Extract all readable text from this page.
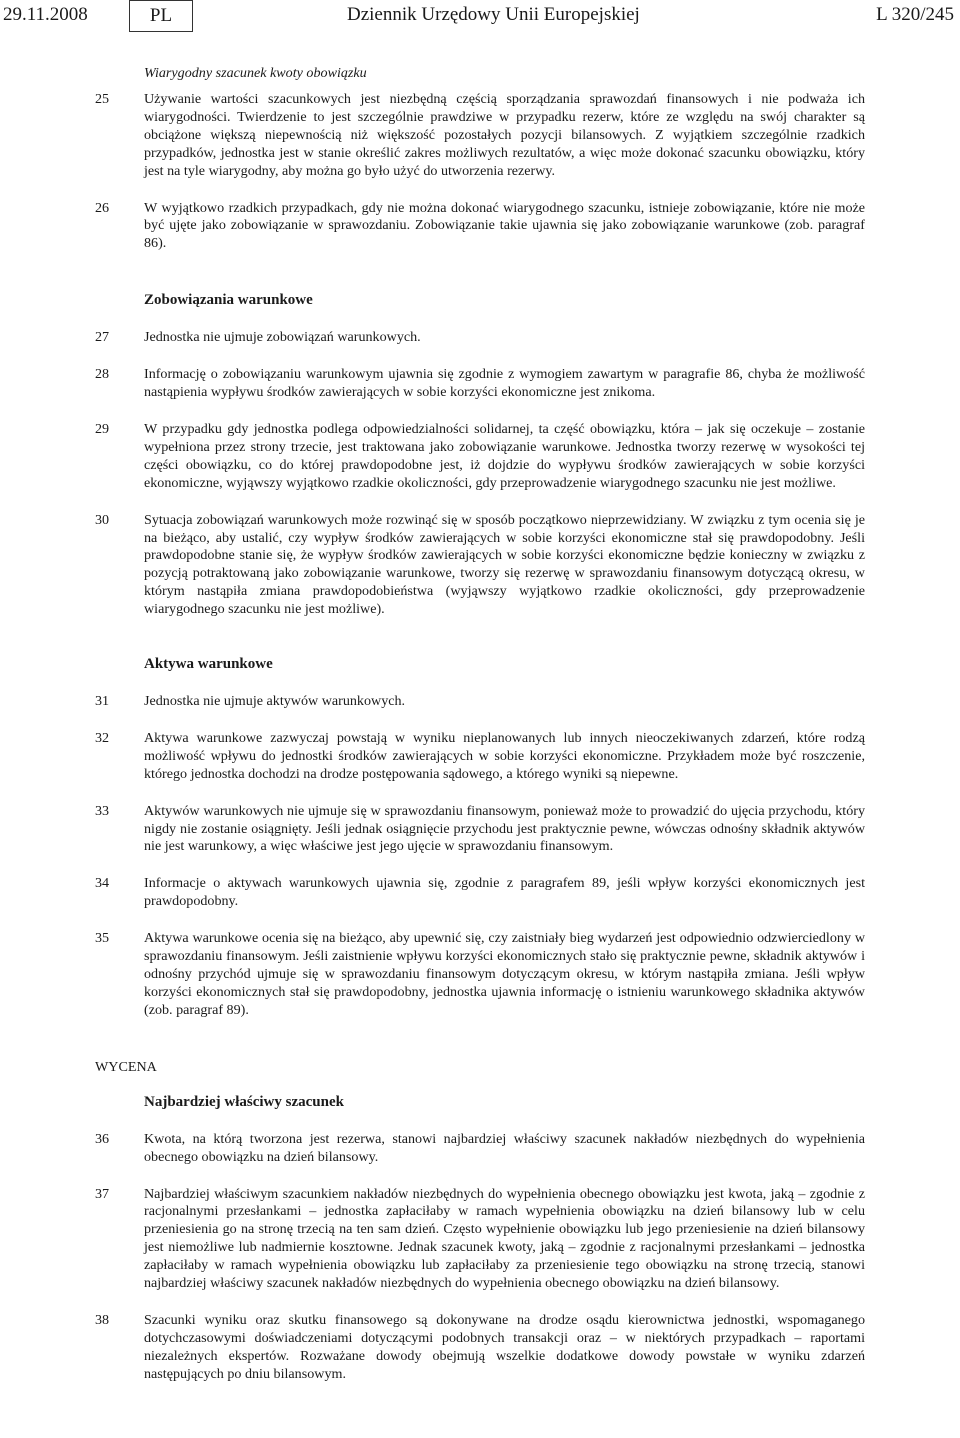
29.11.2008	PL	Dziennik Urzędowy Unii Europejskiej	L 320/245
Wiarygodny szacunek kwoty obowiązku
25 Używanie wartości szacunkowych jest niezbędną częścią sporządzania sprawozdań finansowych i nie podważa ich wiarygodności. Twierdzenie to jest szczególnie prawdziwe w przypadku rezerw, które ze względu na swój charakter są obciążone większą niepewnością niż większość pozostałych pozycji bilansowych. Z wyjątkiem szczególnie rzadkich przypadków, jednostka jest w stanie określić zakres możliwych rezultatów, a więc może dokonać szacunku obowiązku, który jest na tyle wiarygodny, aby można go było użyć do utworzenia rezerwy.
26 W wyjątkowo rzadkich przypadkach, gdy nie można dokonać wiarygodnego szacunku, istnieje zobowiązanie, które nie może być ujęte jako zobowiązanie w sprawozdaniu. Zobowiązanie takie ujawnia się jako zobowiązanie warunkowe (zob. paragraf 86).
Zobowiązania warunkowe
27 Jednostka nie ujmuje zobowiązań warunkowych.
28 Informację o zobowiązaniu warunkowym ujawnia się zgodnie z wymogiem zawartym w paragrafie 86, chyba że możliwość nastąpienia wypływu środków zawierających w sobie korzyści ekonomiczne jest znikoma.
29 W przypadku gdy jednostka podlega odpowiedzialności solidarnej, ta część obowiązku, która – jak się oczekuje – zostanie wypełniona przez strony trzecie, jest traktowana jako zobowiązanie warunkowe. Jednostka tworzy rezerwę w wysokości tej części obowiązku, co do której prawdopodobne jest, iż dojdzie do wypływu środków zawierających w sobie korzyści ekonomiczne, wyjąwszy wyjątkowo rzadkie okoliczności, gdy przeprowadzenie wiarygodnego szacunku nie jest możliwe.
30 Sytuacja zobowiązań warunkowych może rozwinąć się w sposób początkowo nieprzewidziany. W związku z tym ocenia się je na bieżąco, aby ustalić, czy wypływ środków zawierających w sobie korzyści ekonomiczne stał się prawdopodobny. Jeśli prawdopodobne stanie się, że wypływ środków zawierających w sobie korzyści ekonomiczne będzie konieczny w związku z pozycją potraktowaną jako zobowiązanie warunkowe, tworzy się rezerwę w sprawozdaniu finansowym dotyczącą okresu, w którym nastąpiła zmiana prawdopodobieństwa (wyjąwszy wyjątkowo rzadkie okoliczności, gdy przeprowadzenie wiarygodnego szacunku nie jest możliwe).
Aktywa warunkowe
31 Jednostka nie ujmuje aktywów warunkowych.
32 Aktywa warunkowe zazwyczaj powstają w wyniku nieplanowanych lub innych nieoczekiwanych zdarzeń, które rodzą możliwość wpływu do jednostki środków zawierających w sobie korzyści ekonomiczne. Przykładem może być roszczenie, którego jednostka dochodzi na drodze postępowania sądowego, a którego wyniki są niepewne.
33 Aktywów warunkowych nie ujmuje się w sprawozdaniu finansowym, ponieważ może to prowadzić do ujęcia przychodu, który nigdy nie zostanie osiągnięty. Jeśli jednak osiągnięcie przychodu jest praktycznie pewne, wówczas odnośny składnik aktywów nie jest warunkowy, a więc właściwe jest jego ujęcie w sprawozdaniu finansowym.
34 Informacje o aktywach warunkowych ujawnia się, zgodnie z paragrafem 89, jeśli wpływ korzyści ekonomicznych jest prawdopodobny.
35 Aktywa warunkowe ocenia się na bieżąco, aby upewnić się, czy zaistniały bieg wydarzeń jest odpowiednio odzwierciedlony w sprawozdaniu finansowym. Jeśli zaistnienie wpływu korzyści ekonomicznych stało się praktycznie pewne, składnik aktywów i odnośny przychód ujmuje się w sprawozdaniu finansowym dotyczącym okresu, w którym nastąpiła zmiana. Jeśli wpływ korzyści ekonomicznych stał się prawdopodobny, jednostka ujawnia informację o istnieniu warunkowego składnika aktywów (zob. paragraf 89).
WYCENA
Najbardziej właściwy szacunek
36 Kwota, na którą tworzona jest rezerwa, stanowi najbardziej właściwy szacunek nakładów niezbędnych do wypełnienia obecnego obowiązku na dzień bilansowy.
37 Najbardziej właściwym szacunkiem nakładów niezbędnych do wypełnienia obecnego obowiązku jest kwota, jaką – zgodnie z racjonalnymi przesłankami – jednostka zapłaciłaby w ramach wypełnienia obowiązku na dzień bilansowy lub w celu przeniesienia go na stronę trzecią na ten sam dzień. Często wypełnienie obowiązku lub jego przeniesienie na dzień bilansowy jest niemożliwe lub nadmiernie kosztowne. Jednak szacunek kwoty, jaką – zgodnie z racjonalnymi przesłankami – jednostka zapłaciłaby w ramach wypełnienia obowiązku lub zapłaciłaby za przeniesienie tego obowiązku na stronę trzecią, stanowi najbardziej właściwy szacunek nakładów niezbędnych do wypełnienia obecnego obowiązku na dzień bilansowy.
38 Szacunki wyniku oraz skutku finansowego są dokonywane na drodze osądu kierownictwa jednostki, wspomaganego dotychczasowymi doświadczeniami dotyczącymi podobnych transakcji oraz – w niektórych przypadkach – raportami niezależnych ekspertów. Rozważane dowody obejmują wszelkie dodatkowe dowody powstałe w wyniku zdarzeń następujących po dniu bilansowym.
